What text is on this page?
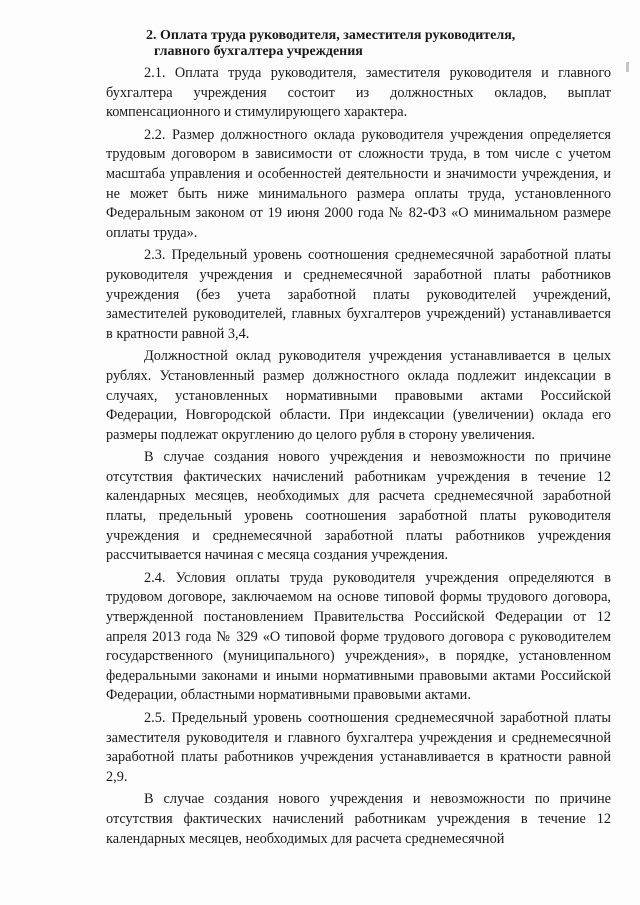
2. Оплата труда руководителя, заместителя руководителя,
главного бухгалтера учреждения

2.1. Оплата труда руководителя, заместителя руководителя и главного бухгалтера учреждения состоит из должностных окладов, выплат компенсационного и стимулирующего характера.

2.2. Размер должностного оклада руководителя учреждения определяется трудовым договором в зависимости от сложности труда, в том числе с учетом масштаба управления и особенностей деятельности и значимости учреждения, и не может быть ниже минимального размера оплаты труда, установленного Федеральным законом от 19 июня 2000 года № 82-ФЗ «О минимальном размере оплаты труда».

2.3. Предельный уровень соотношения среднемесячной заработной платы руководителя учреждения и среднемесячной заработной платы работников учреждения (без учета заработной платы руководителей учреждений, заместителей руководителей, главных бухгалтеров учреждений) устанавливается в кратности равной 3,4.

Должностной оклад руководителя учреждения устанавливается в целых рублях. Установленный размер должностного оклада подлежит индексации в случаях, установленных нормативными правовыми актами Российской Федерации, Новгородской области. При индексации (увеличении) оклада его размеры подлежат округлению до целого рубля в сторону увеличения.

В случае создания нового учреждения и невозможности по причине отсутствия фактических начислений работникам учреждения в течение 12 календарных месяцев, необходимых для расчета среднемесячной заработной платы, предельный уровень соотношения заработной платы руководителя учреждения и среднемесячной заработной платы работников учреждения рассчитывается начиная с месяца создания учреждения.

2.4. Условия оплаты труда руководителя учреждения определяются в трудовом договоре, заключаемом на основе типовой формы трудового договора, утвержденной постановлением Правительства Российской Федерации от 12 апреля 2013 года № 329 «О типовой форме трудового договора с руководителем государственного (муниципального) учреждения», в порядке, установленном федеральными законами и иными нормативными правовыми актами Российской Федерации, областными нормативными правовыми актами.

2.5. Предельный уровень соотношения среднемесячной заработной платы заместителя руководителя и главного бухгалтера учреждения и среднемесячной заработной платы работников учреждения устанавливается в кратности равной 2,9.

В случае создания нового учреждения и невозможности по причине отсутствия фактических начислений работникам учреждения в течение 12 календарных месяцев, необходимых для расчета среднемесячной
